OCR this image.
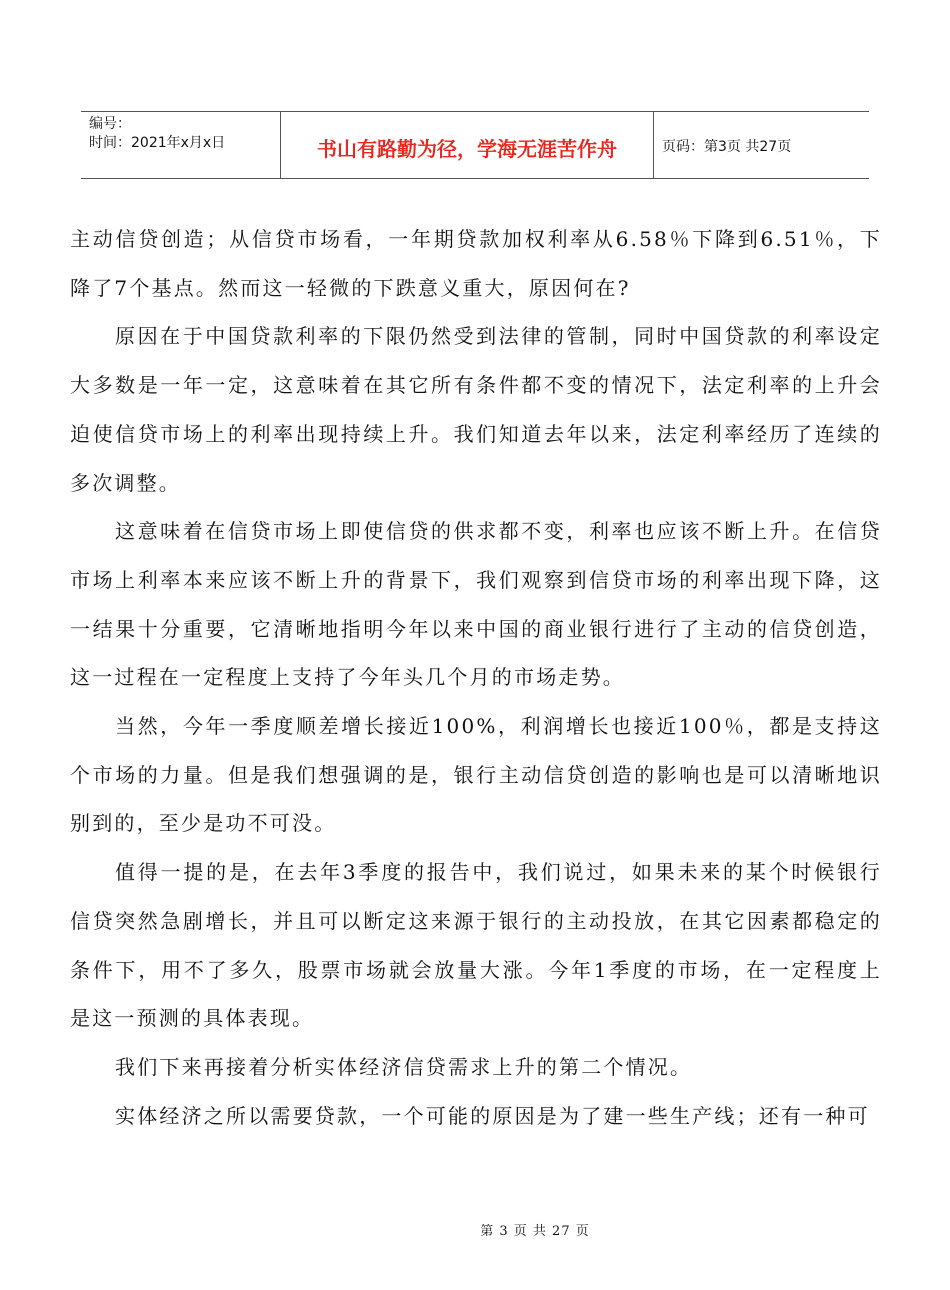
编号：
时间：2021年x月x日	书山有路勤为径，学海无涯苦作舟	页码： 第3页
共27页

主动信贷创造；从信贷市场看，一年期贷款加权利率从6.58％下降到6.51％，下降了7个基点。然而这一轻微的下跌意义重大，原因何在?

原因在于中国贷款利率的下限仍然受到法律的管制，同时中国贷款的利率设定大多数是一年一定，这意味着在其它所有条件都不变的情况下，法定利率的上升会迫使信贷市场上的利率出现持续上升。我们知道去年以来，法定利率经历了连续的多次调整。

这意味着在信贷市场上即使信贷的供求都不变，利率也应该不断上升。在信贷市场上利率本来应该不断上升的背景下，我们观察到信贷市场的利率出现下降，这一结果十分重要，它清晰地指明今年以来中国的商业银行进行了主动的信贷创造，这一过程在一定程度上支持了今年头几个月的市场走势。

当然，今年一季度顺差增长接近100%，利润增长也接近100％，都是支持这个市场的力量。但是我们想强调的是，银行主动信贷创造的影响也是可以清晰地识别到的，至少是功不可没。

值得一提的是，在去年3季度的报告中，我们说过，如果未来的某个时候银行信贷突然急剧增长，并且可以断定这来源于银行的主动投放，在其它因素都稳定的条件下，用不了多久，股票市场就会放量大涨。今年1季度的市场，在一定程度上是这一预测的具体表现。

我们下来再接着分析实体经济信贷需求上升的第二个情况。

实体经济之所以需要贷款，一个可能的原因是为了建一些生产线；还有一种可

第 3 页 共 27 页
